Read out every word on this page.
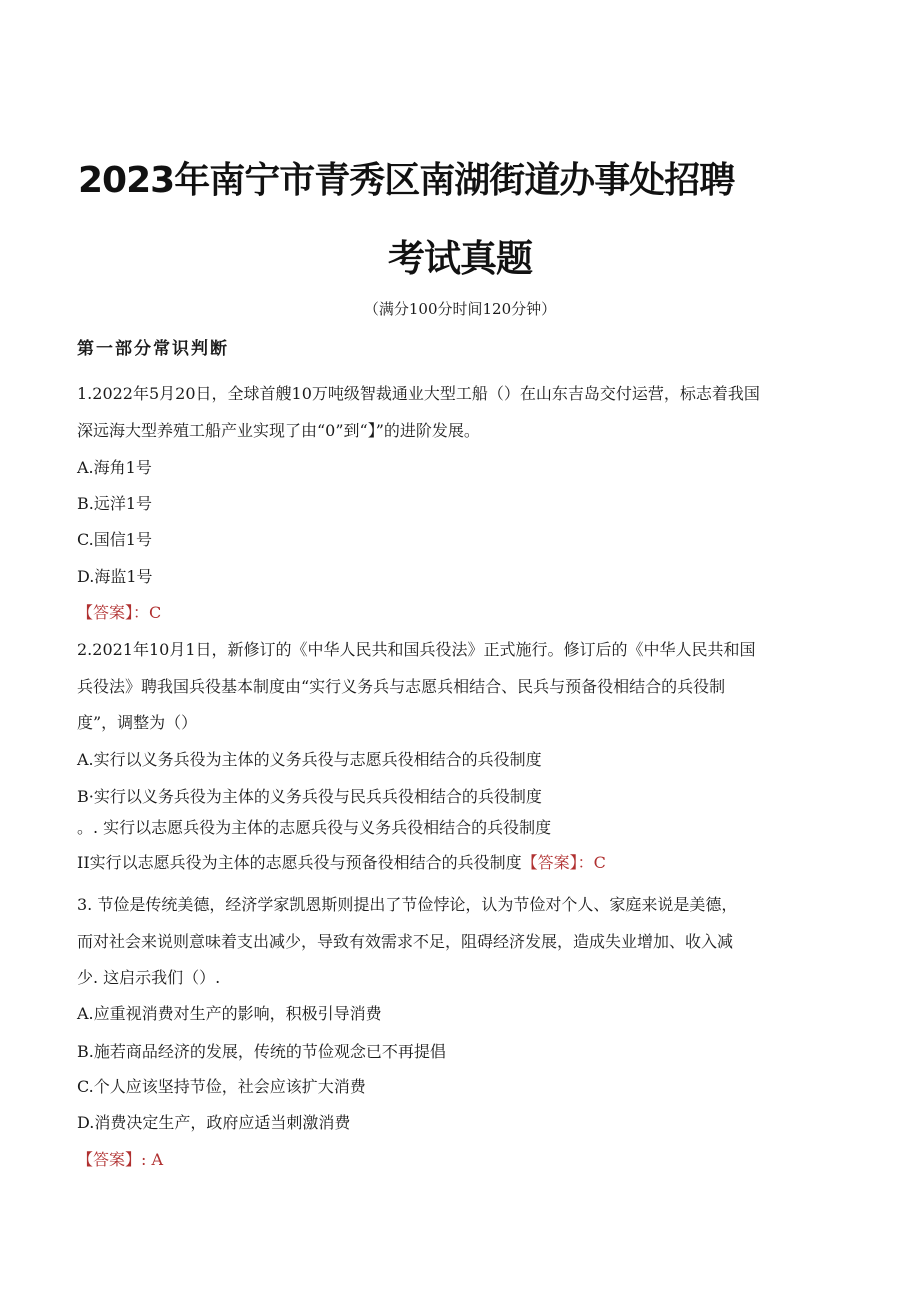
2023年南宁市青秀区南湖街道办事处招聘
考试真题
（满分100分时间120分钟）
第一部分常识判断
1.2022年5月20日，全球首艘10万吨级智裁通业大型工船（）在山东吉岛交付运营，标志着我国
深远海大型养殖工船产业实现了由“0”到“】”的进阶发展。
A.海角1号
B.远洋1号
C.国信1号
D.海监1号
【答案】：C
2.2021年10月1日，新修订的《中华人民共和国兵役法》正式施行。修订后的《中华人民共和国
兵役法》聘我国兵役基本制度由“实行义务兵与志愿兵相结合、民兵与预备役相结合的兵役制
度”，调整为（）
A.实行以义务兵役为主体的义务兵役与志愿兵役相结合的兵役制度
B·实行以义务兵役为主体的义务兵役与民兵兵役相结合的兵役制度
。. 实行以志愿兵役为主体的志愿兵役与义务兵役相结合的兵役制度
II实行以志愿兵役为主体的志愿兵役与预备役相结合的兵役制度【答案】：C
3. 节俭是传统美德，经济学家凯恩斯则提出了节俭悖论，认为节俭对个人、家庭来说是美德，
而对社会来说则意味着支出减少，导致有效需求不足，阻碍经济发展，造成失业增加、收入减
少. 这启示我们（）.
A.应重视消费对生产的影响，积极引导消费
B.施若商品经济的发展，传统的节俭观念已不再提倡
C.个人应该坚持节俭，社会应该扩大消费
D.消费决定生产，政府应适当刺激消费
【答案】: A
